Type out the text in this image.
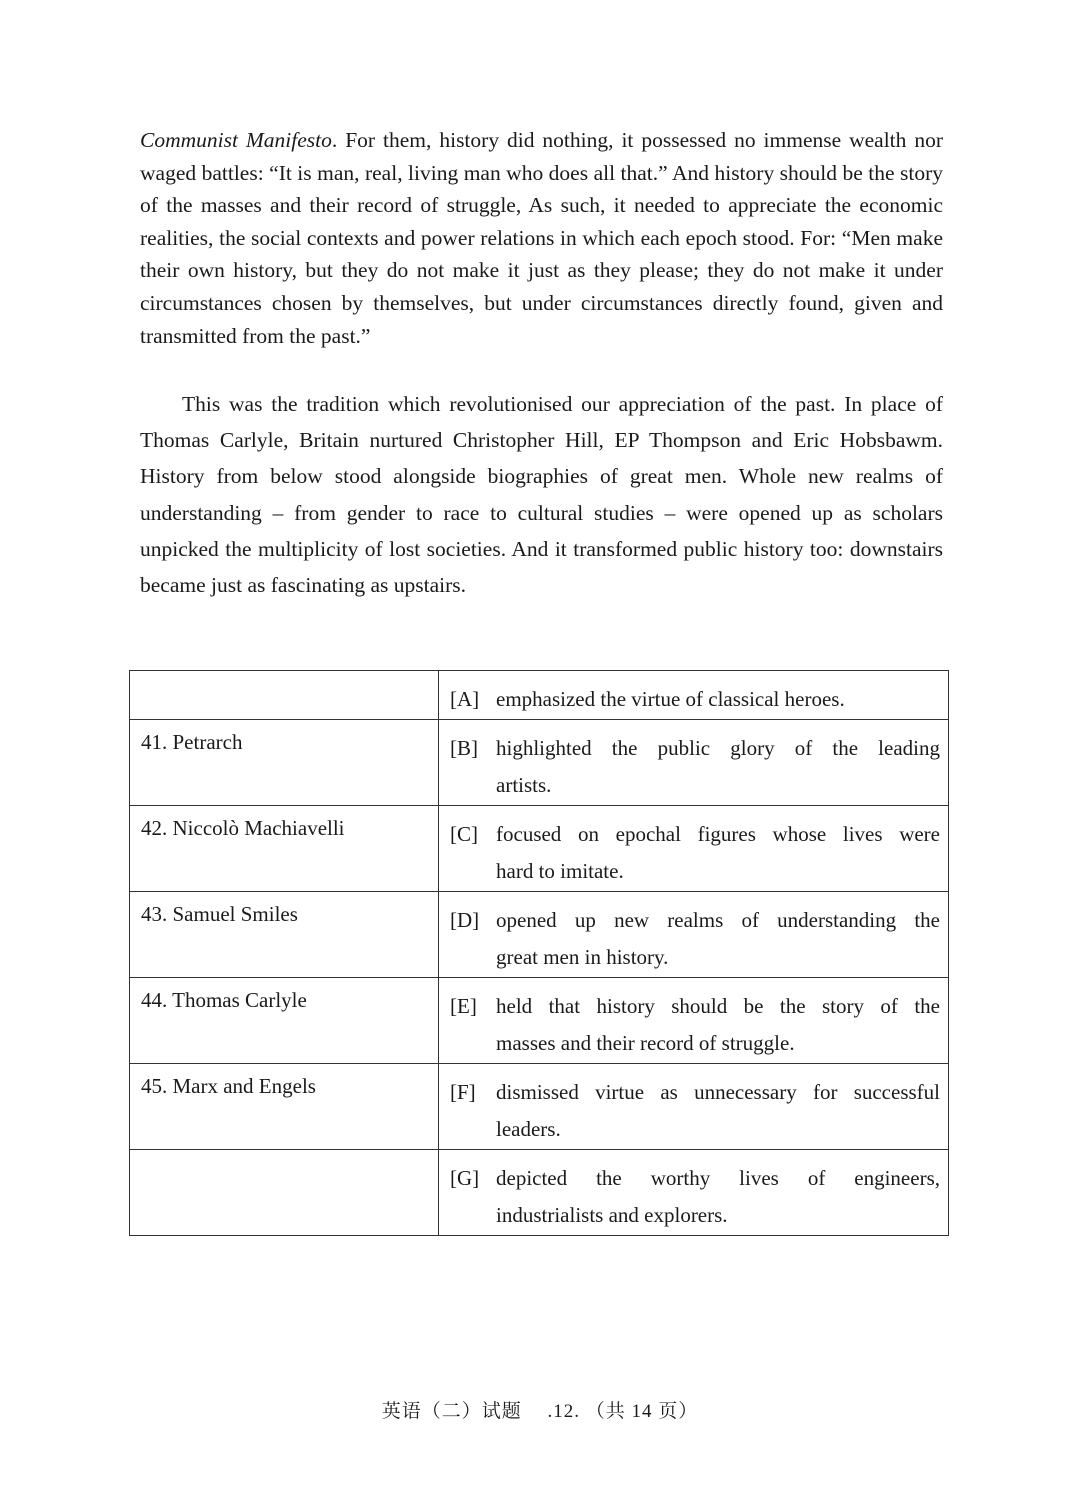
Communist Manifesto. For them, history did nothing, it possessed no immense wealth nor waged battles: “It is man, real, living man who does all that.” And history should be the story of the masses and their record of struggle, As such, it needed to appreciate the economic realities, the social contexts and power relations in which each epoch stood. For: “Men make their own history, but they do not make it just as they please; they do not make it under circumstances chosen by themselves, but under circumstances directly found, given and transmitted from the past.”

This was the tradition which revolutionised our appreciation of the past. In place of Thomas Carlyle, Britain nurtured Christopher Hill, EP Thompson and Eric Hobsbawm. History from below stood alongside biographies of great men. Whole new realms of understanding – from gender to race to cultural studies – were opened up as scholars unpicked the multiplicity of lost societies. And it transformed public history too: downstairs became just as fascinating as upstairs.

	[A] emphasized the virtue of classical heroes.

41. Petrarch	[B] highlighted the public glory of the leading
artists.

42. Niccolò Machiavelli	[C] focused on epochal figures whose lives were
hard to imitate.

43. Samuel Smiles	[D] opened up new realms of understanding the
great men in history.

44. Thomas Carlyle	[E] held that history should be the story of the
masses and their record of struggle.

45. Marx and Engels	[F] dismissed virtue as unnecessary for successful
leaders.

	[G] depicted the worthy lives of engineers,
industrialists and explorers.
英语（二）试题　 .12. （共 14 页）
